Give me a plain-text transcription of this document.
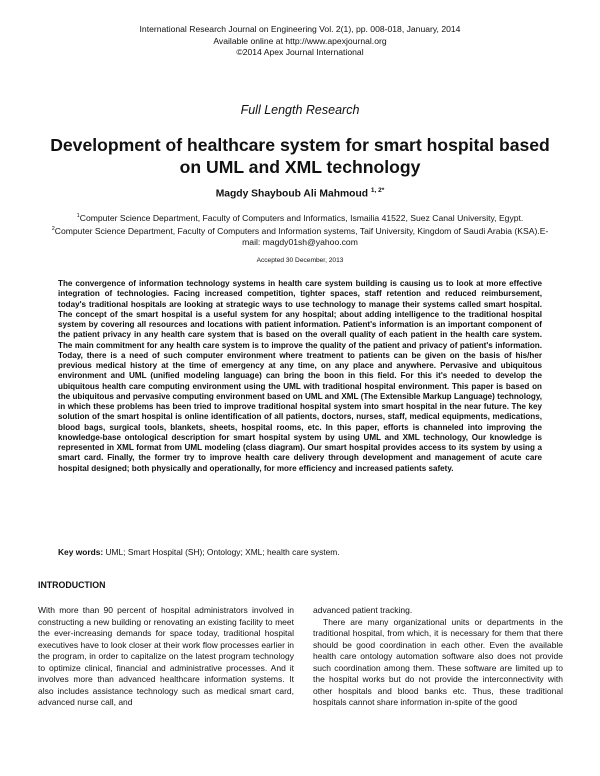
International Research Journal on Engineering Vol. 2(1), pp. 008-018, January, 2014
Available online at http://www.apexjournal.org
©2014 Apex Journal International
Full Length Research
Development of healthcare system for smart hospital based on UML and XML technology
Magdy Shayboub Ali Mahmoud $^{1, 2*}$
$^1$Computer Science Department, Faculty of Computers and Informatics, Ismailia 41522, Suez Canal University, Egypt.
$^2$Computer Science Department, Faculty of Computers and Information systems, Taif University, Kingdom of Saudi Arabia (KSA).E-mail: magdy01sh@yahoo.com
Accepted 30 December, 2013
The convergence of information technology systems in health care system building is causing us to look at more effective integration of technologies. Facing increased competition, tighter spaces, staff retention and reduced reimbursement, today's traditional hospitals are looking at strategic ways to use technology to manage their systems called smart hospital. The concept of the smart hospital is a useful system for any hospital; about adding intelligence to the traditional hospital system by covering all resources and locations with patient information. Patient's information is an important component of the patient privacy in any health care system that is based on the overall quality of each patient in the health care system. The main commitment for any health care system is to improve the quality of the patient and privacy of patient's information. Today, there is a need of such computer environment where treatment to patients can be given on the basis of his/her previous medical history at the time of emergency at any time, on any place and anywhere. Pervasive and ubiquitous environment and UML (unified modeling language) can bring the boon in this field. For this it's needed to develop the ubiquitous health care computing environment using the UML with traditional hospital environment. This paper is based on the ubiquitous and pervasive computing environment based on UML and XML (The Extensible Markup Language) technology, in which these problems has been tried to improve traditional hospital system into smart hospital in the near future. The key solution of the smart hospital is online identification of all patients, doctors, nurses, staff, medical equipments, medications, blood bags, surgical tools, blankets, sheets, hospital rooms, etc. In this paper, efforts is channeled into improving the knowledge-base ontological description for smart hospital system by using UML and XML technology, Our knowledge is represented in XML format from UML modeling (class diagram). Our smart hospital provides access to its system by using a smart card. Finally, the former try to improve health care delivery through development and management of acute care hospital designed; both physically and operationally, for more efficiency and increased patients safety.
Key words: UML; Smart Hospital (SH); Ontology; XML; health care system.
INTRODUCTION

With more than 90 percent of hospital administrators involved in constructing a new building or renovating an existing facility to meet the ever-increasing demands for space today, traditional hospital executives have to look closer at their work flow processes earlier in the program, in order to capitalize on the latest program technology to optimize clinical, financial and administrative processes. And it involves more than advanced healthcare information systems. It also includes assistance technology such as medical smart card, advanced nurse call, and

advanced patient tracking.

There are many organizational units or departments in the traditional hospital, from which, it is necessary for them that there should be good coordination in each other. Even the available health care ontology automation software also does not provide such coordination among them. These software are limited up to the hospital works but do not provide the interconnectivity with other hospitals and blood banks etc. Thus, these traditional hospitals cannot share information in-spite of the good
